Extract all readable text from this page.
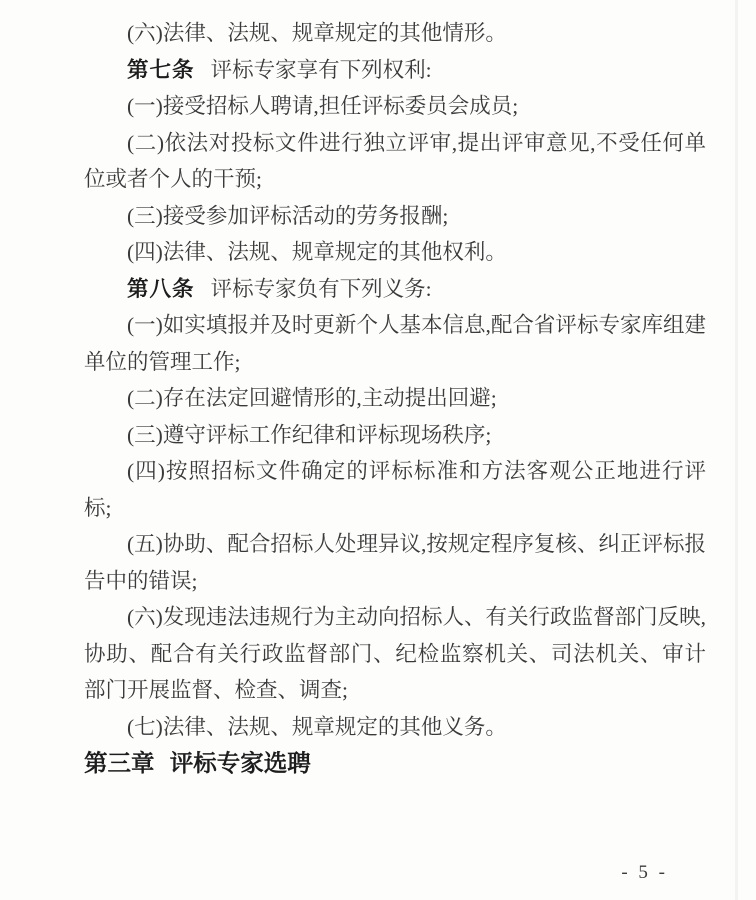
(六)法律、法规、规章规定的其他情形。

第七条 评标专家享有下列权利:

(一)接受招标人聘请,担任评标委员会成员;

(二)依法对投标文件进行独立评审,提出评审意见,不受任何单位或者个人的干预;

(三)接受参加评标活动的劳务报酬;

(四)法律、法规、规章规定的其他权利。

第八条 评标专家负有下列义务:

(一)如实填报并及时更新个人基本信息,配合省评标专家库组建单位的管理工作;

(二)存在法定回避情形的,主动提出回避;

(三)遵守评标工作纪律和评标现场秩序;

(四)按照招标文件确定的评标标准和方法客观公正地进行评标;

(五)协助、配合招标人处理异议,按规定程序复核、纠正评标报告中的错误;

(六)发现违法违规行为主动向招标人、有关行政监督部门反映,协助、配合有关行政监督部门、纪检监察机关、司法机关、审计部门开展监督、检查、调查;

(七)法律、法规、规章规定的其他义务。

第三章 评标专家选聘

- 5 -
